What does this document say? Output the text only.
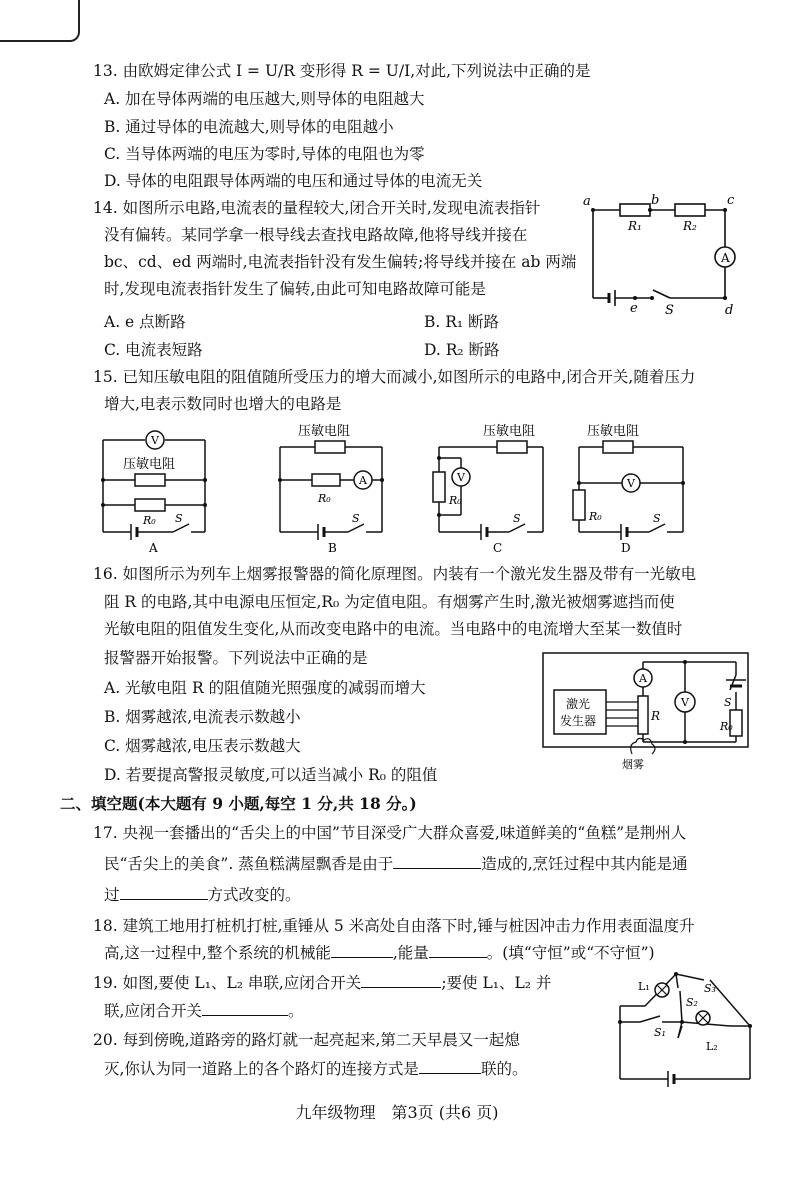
13. 由欧姆定律公式 I = U/R 变形得 R = U/I,对此,下列说法中正确的是
A. 加在导体两端的电压越大,则导体的电阻越大
B. 通过导体的电流越大,则导体的电阻越小
C. 当导体两端的电压为零时,导体的电阻也为零
D. 导体的电阻跟导体两端的电压和通过导体的电流无关
14. 如图所示电路,电流表的量程较大,闭合开关时,发现电流表指针
没有偏转。某同学拿一根导线去查找电路故障,他将导线并接在
bc、cd、ed 两端时,电流表指针没有发生偏转;将导线并接在 ab 两端
时,发现电流表指针发生了偏转,由此可知电路故障可能是
A. e 点断路	B. R₁ 断路
C. 电流表短路	D. R₂ 断路
A
a	b	c
d
e S
R₁	R₂
15. 已知压敏电阻的阻值随所受压力的增大而减小,如图所示的电路中,闭合开关,随着压力
增大,电表示数同时也增大的电路是
V
压敏电阻
R₀ S
A
压敏电阻
A
R₀
S
B
压敏电阻
V
R₀
S
C
压敏电阻
V
R₀	S
D
16. 如图所示为列车上烟雾报警器的简化原理图。内装有一个激光发生器及带有一光敏电
阻 R 的电路,其中电源电压恒定,R₀ 为定值电阻。有烟雾产生时,激光被烟雾遮挡而使
光敏电阻的阻值发生变化,从而改变电路中的电流。当电路中的电流增大至某一数值时
报警器开始报警。下列说法中正确的是
A. 光敏电阻 R 的阻值随光照强度的减弱而增大
B. 烟雾越浓,电流表示数越小
C. 烟雾越浓,电压表示数越大
D. 若要提高警报灵敏度,可以适当减小 R₀ 的阻值
激光
发生器	R
R₀
S
A
V
烟雾
二、填空题(本大题有 9 小题,每空 1 分,共 18 分。)
17. 央视一套播出的“舌尖上的中国”节目深受广大群众喜爱,味道鲜美的“鱼糕”是荆州人
民“舌尖上的美食”. 蒸鱼糕满屋飘香是由于	造成的,烹饪过程中其内能是通
过	方式改变的。
18. 建筑工地用打桩机打桩,重锤从 5 米高处自由落下时,锤与桩因冲击力作用表面温度升
高,这一过程中,整个系统的机械能	,能量	。(填“守恒”或“不守恒”)
19. 如图,要使 L₁、L₂ 串联,应闭合开关	;要使 L₁、L₂ 并
联,应闭合开关	。
L₁
L₂
S₁
S₂
S₃
20. 每到傍晚,道路旁的路灯就一起亮起来,第二天早晨又一起熄
灭,你认为同一道路上的各个路灯的连接方式是	联的。
九年级物理　第3页 (共6 页)
